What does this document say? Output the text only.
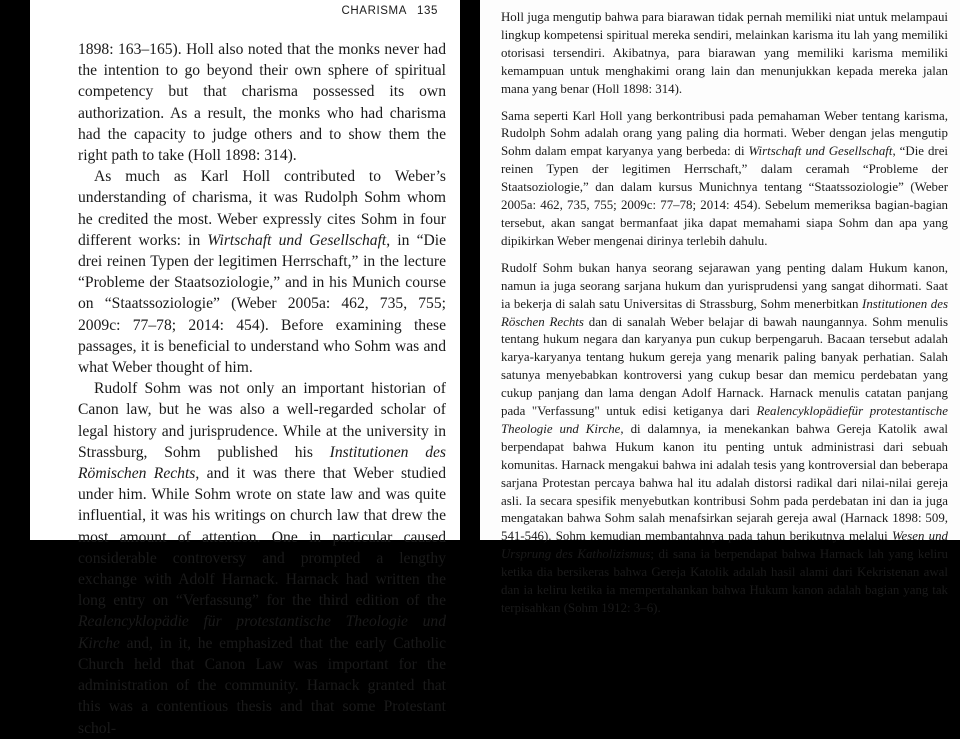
CHARISMA 135

1898: 163–165). Holl also noted that the monks never had the intention to go beyond their own sphere of spiritual competency but that charisma possessed its own authorization. As a result, the monks who had charisma had the capacity to judge others and to show them the right path to take (Holl 1898: 314).

As much as Karl Holl contributed to Weber’s understanding of charisma, it was Rudolph Sohm whom he credited the most. Weber expressly cites Sohm in four different works: in Wirtschaft und Gesellschaft, in “Die drei reinen Typen der legitimen Herrschaft,” in the lecture “Probleme der Staatsoziologie,” and in his Munich course on “Staatssoziologie” (Weber 2005a: 462, 735, 755; 2009c: 77–78; 2014: 454). Before examining these passages, it is beneficial to understand who Sohm was and what Weber thought of him.

Rudolf Sohm was not only an important historian of Canon law, but he was also a well-regarded scholar of legal history and jurisprudence. While at the university in Strassburg, Sohm published his Institutionen des Römischen Rechts, and it was there that Weber studied under him. While Sohm wrote on state law and was quite influential, it was his writings on church law that drew the most amount of attention. One in particular caused considerable controversy and prompted a lengthy exchange with Adolf Harnack. Harnack had written the long entry on “Verfassung” for the third edition of the Realencyklopädie für protestantische Theologie und Kirche and, in it, he emphasized that the early Catholic Church held that Canon Law was important for the administration of the community. Harnack granted that this was a contentious thesis and that some Protestant schol-

Holl juga mengutip bahwa para biarawan tidak pernah memiliki niat untuk melampaui lingkup kompetensi spiritual mereka sendiri, melainkan karisma itu lah yang memiliki otorisasi tersendiri. Akibatnya, para biarawan yang memiliki karisma memiliki kemampuan untuk menghakimi orang lain dan menunjukkan kepada mereka jalan mana yang benar (Holl 1898: 314).

Sama seperti Karl Holl yang berkontribusi pada pemahaman Weber tentang karisma, Rudolph Sohm adalah orang yang paling dia hormati. Weber dengan jelas mengutip Sohm dalam empat karyanya yang berbeda: di Wirtschaft und Gesellschaft, “Die drei reinen Typen der legitimen Herrschaft,” dalam ceramah “Probleme der Staatsoziologie,” dan dalam kursus Munichnya tentang “Staatssoziologie” (Weber 2005a: 462, 735, 755; 2009c: 77–78; 2014: 454). Sebelum memeriksa bagian-bagian tersebut, akan sangat bermanfaat jika dapat memahami siapa Sohm dan apa yang dipikirkan Weber mengenai dirinya terlebih dahulu.

Rudolf Sohm bukan hanya seorang sejarawan yang penting dalam Hukum kanon, namun ia juga seorang sarjana hukum dan yurisprudensi yang sangat dihormati. Saat ia bekerja di salah satu Universitas di Strassburg, Sohm menerbitkan Institutionen des Röschen Rechts dan di sanalah Weber belajar di bawah naungannya. Sohm menulis tentang hukum negara dan karyanya pun cukup berpengaruh. Bacaan tersebut adalah karya-karyanya tentang hukum gereja yang menarik paling banyak perhatian. Salah satunya menyebabkan kontroversi yang cukup besar dan memicu perdebatan yang cukup panjang dan lama dengan Adolf Harnack. Harnack menulis catatan panjang pada "Verfassung" untuk edisi ketiganya dari Realencyklopädiefür protestantische Theologie und Kirche, di dalamnya, ia menekankan bahwa Gereja Katolik awal berpendapat bahwa Hukum kanon itu penting untuk administrasi dari sebuah komunitas. Harnack mengakui bahwa ini adalah tesis yang kontroversial dan beberapa sarjana Protestan percaya bahwa hal itu adalah distorsi radikal dari nilai-nilai gereja asli. Ia secara spesifik menyebutkan kontribusi Sohm pada perdebatan ini dan ia juga mengatakan bahwa Sohm salah menafsirkan sejarah gereja awal (Harnack 1898: 509, 541-546). Sohm kemudian membantahnya pada tahun berikutnya melalui Wesen und Ursprung des Katholizismus; di sana ia berpendapat bahwa Harnack lah yang keliru ketika dia bersikeras bahwa Gereja Katolik adalah hasil alami dari Kekristenan awal dan ia keliru ketika ia mempertahankan bahwa Hukum kanon adalah bagian yang tak terpisahkan (Sohm 1912: 3–6).
